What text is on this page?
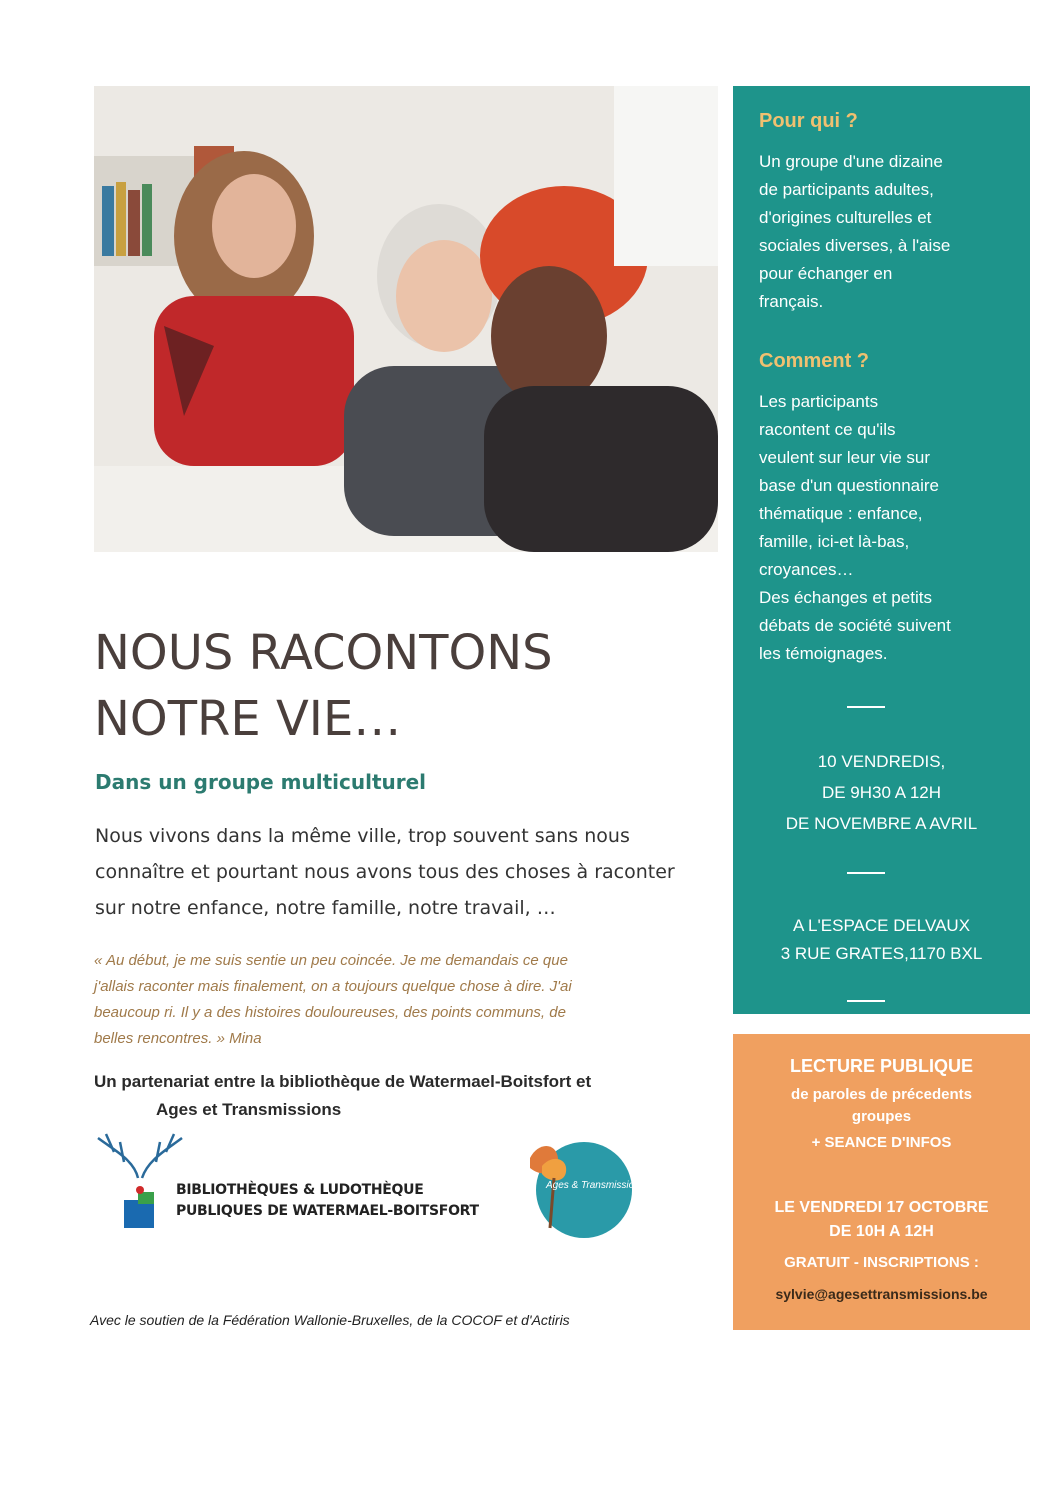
NOUS RACONTONS
NOTRE VIE…
Dans un groupe multiculturel
Nous vivons dans la même ville, trop souvent sans nous
connaître et pourtant nous avons tous des choses à raconter
sur notre enfance, notre famille, notre travail, …
« Au début, je me suis sentie un peu coincée. Je me demandais ce que
j'allais raconter mais finalement, on a toujours quelque chose à dire. J'ai
beaucoup ri. Il y a des histoires douloureuses, des points communs, de
belles rencontres. » Mina
Un partenariat entre la bibliothèque de Watermael-Boitsfort et
Ages et Transmissions
BIBLIOTHÈQUES & LUDOTHÈQUE
PUBLIQUES DE WATERMAEL-BOITSFORT
Ages & Transmissions
Avec le soutien de la Fédération Wallonie-Bruxelles, de la COCOF et d'Actiris
Pour qui ?
Un groupe d'une dizaine
de participants adultes,
d'origines culturelles et
sociales diverses, à l'aise
pour échanger en
français.
Comment ?
Les participants
racontent ce qu'ils
veulent sur leur vie sur
base d'un questionnaire
thématique : enfance,
famille, ici-et là-bas,
croyances…
Des échanges et petits
débats de société suivent
les témoignages.
10 VENDREDIS,
DE 9H30 A 12H
DE NOVEMBRE A AVRIL
A L'ESPACE DELVAUX
3 RUE GRATES,1170 BXL
LECTURE PUBLIQUE
de paroles de précedents groupes
+ SEANCE D'INFOS
LE VENDREDI 17 OCTOBRE
DE 10H A 12H
GRATUIT - INSCRIPTIONS :
sylvie@agesettransmissions.be
